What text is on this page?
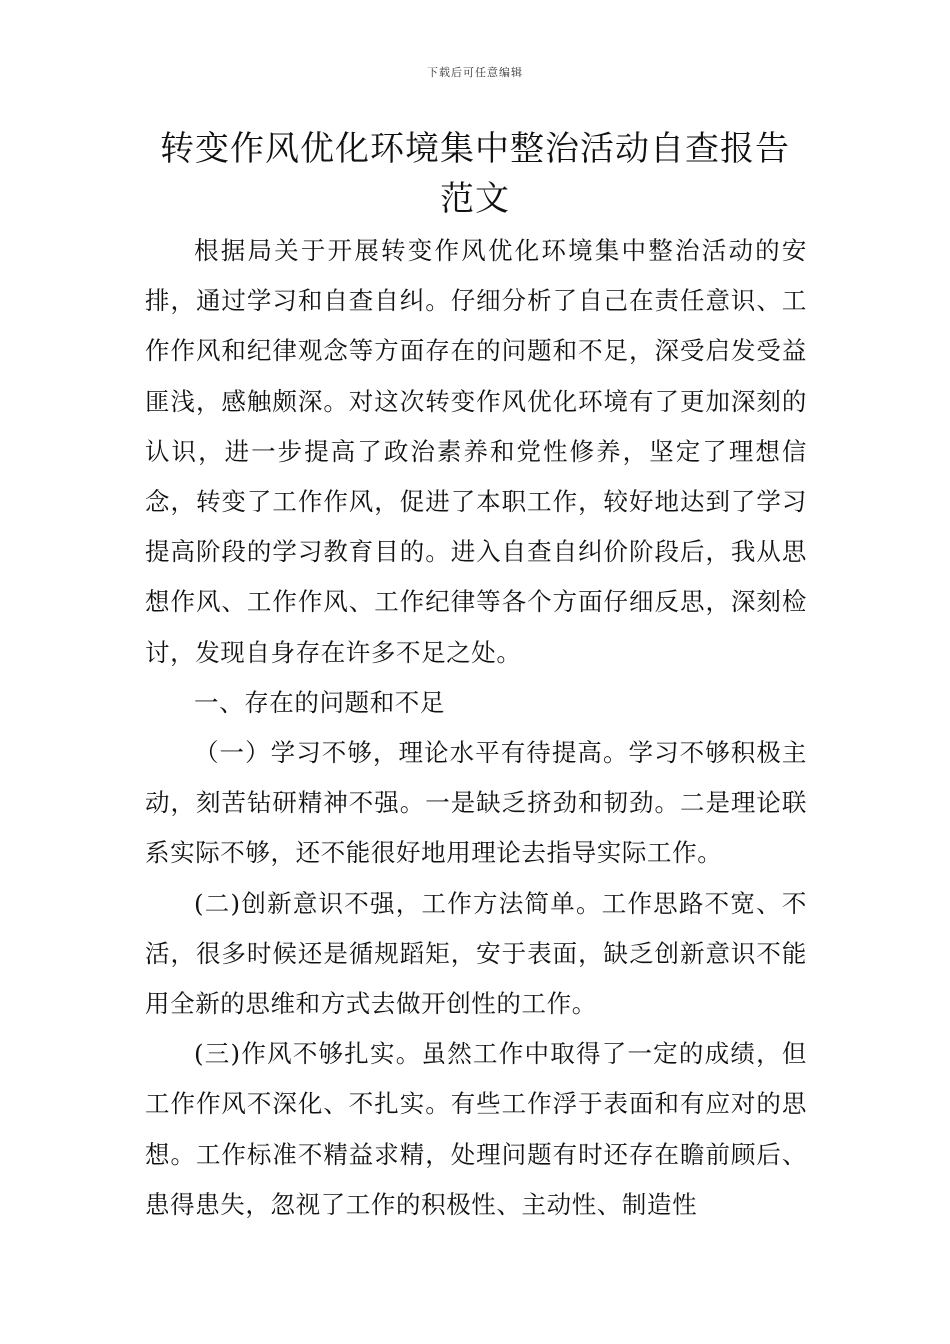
下载后可任意编辑
转变作风优化环境集中整治活动自查报告范文

根据局关于开展转变作风优化环境集中整治活动的安排，通过学习和自查自纠。仔细分析了自己在责任意识、工作作风和纪律观念等方面存在的问题和不足，深受启发受益匪浅，感触颇深。对这次转变作风优化环境有了更加深刻的认识，进一步提高了政治素养和党性修养，坚定了理想信念，转变了工作作风，促进了本职工作，较好地达到了学习提高阶段的学习教育目的。进入自查自纠价阶段后，我从思想作风、工作作风、工作纪律等各个方面仔细反思，深刻检讨，发现自身存在许多不足之处。

一、存在的问题和不足

（一）学习不够，理论水平有待提高。学习不够积极主动，刻苦钻研精神不强。一是缺乏挤劲和韧劲。二是理论联系实际不够，还不能很好地用理论去指导实际工作。

(二)创新意识不强，工作方法简单。工作思路不宽、不活，很多时候还是循规蹈矩，安于表面，缺乏创新意识不能用全新的思维和方式去做开创性的工作。

(三)作风不够扎实。虽然工作中取得了一定的成绩，但工作作风不深化、不扎实。有些工作浮于表面和有应对的思想。工作标准不精益求精，处理问题有时还存在瞻前顾后、患得患失，忽视了工作的积极性、主动性、制造性
